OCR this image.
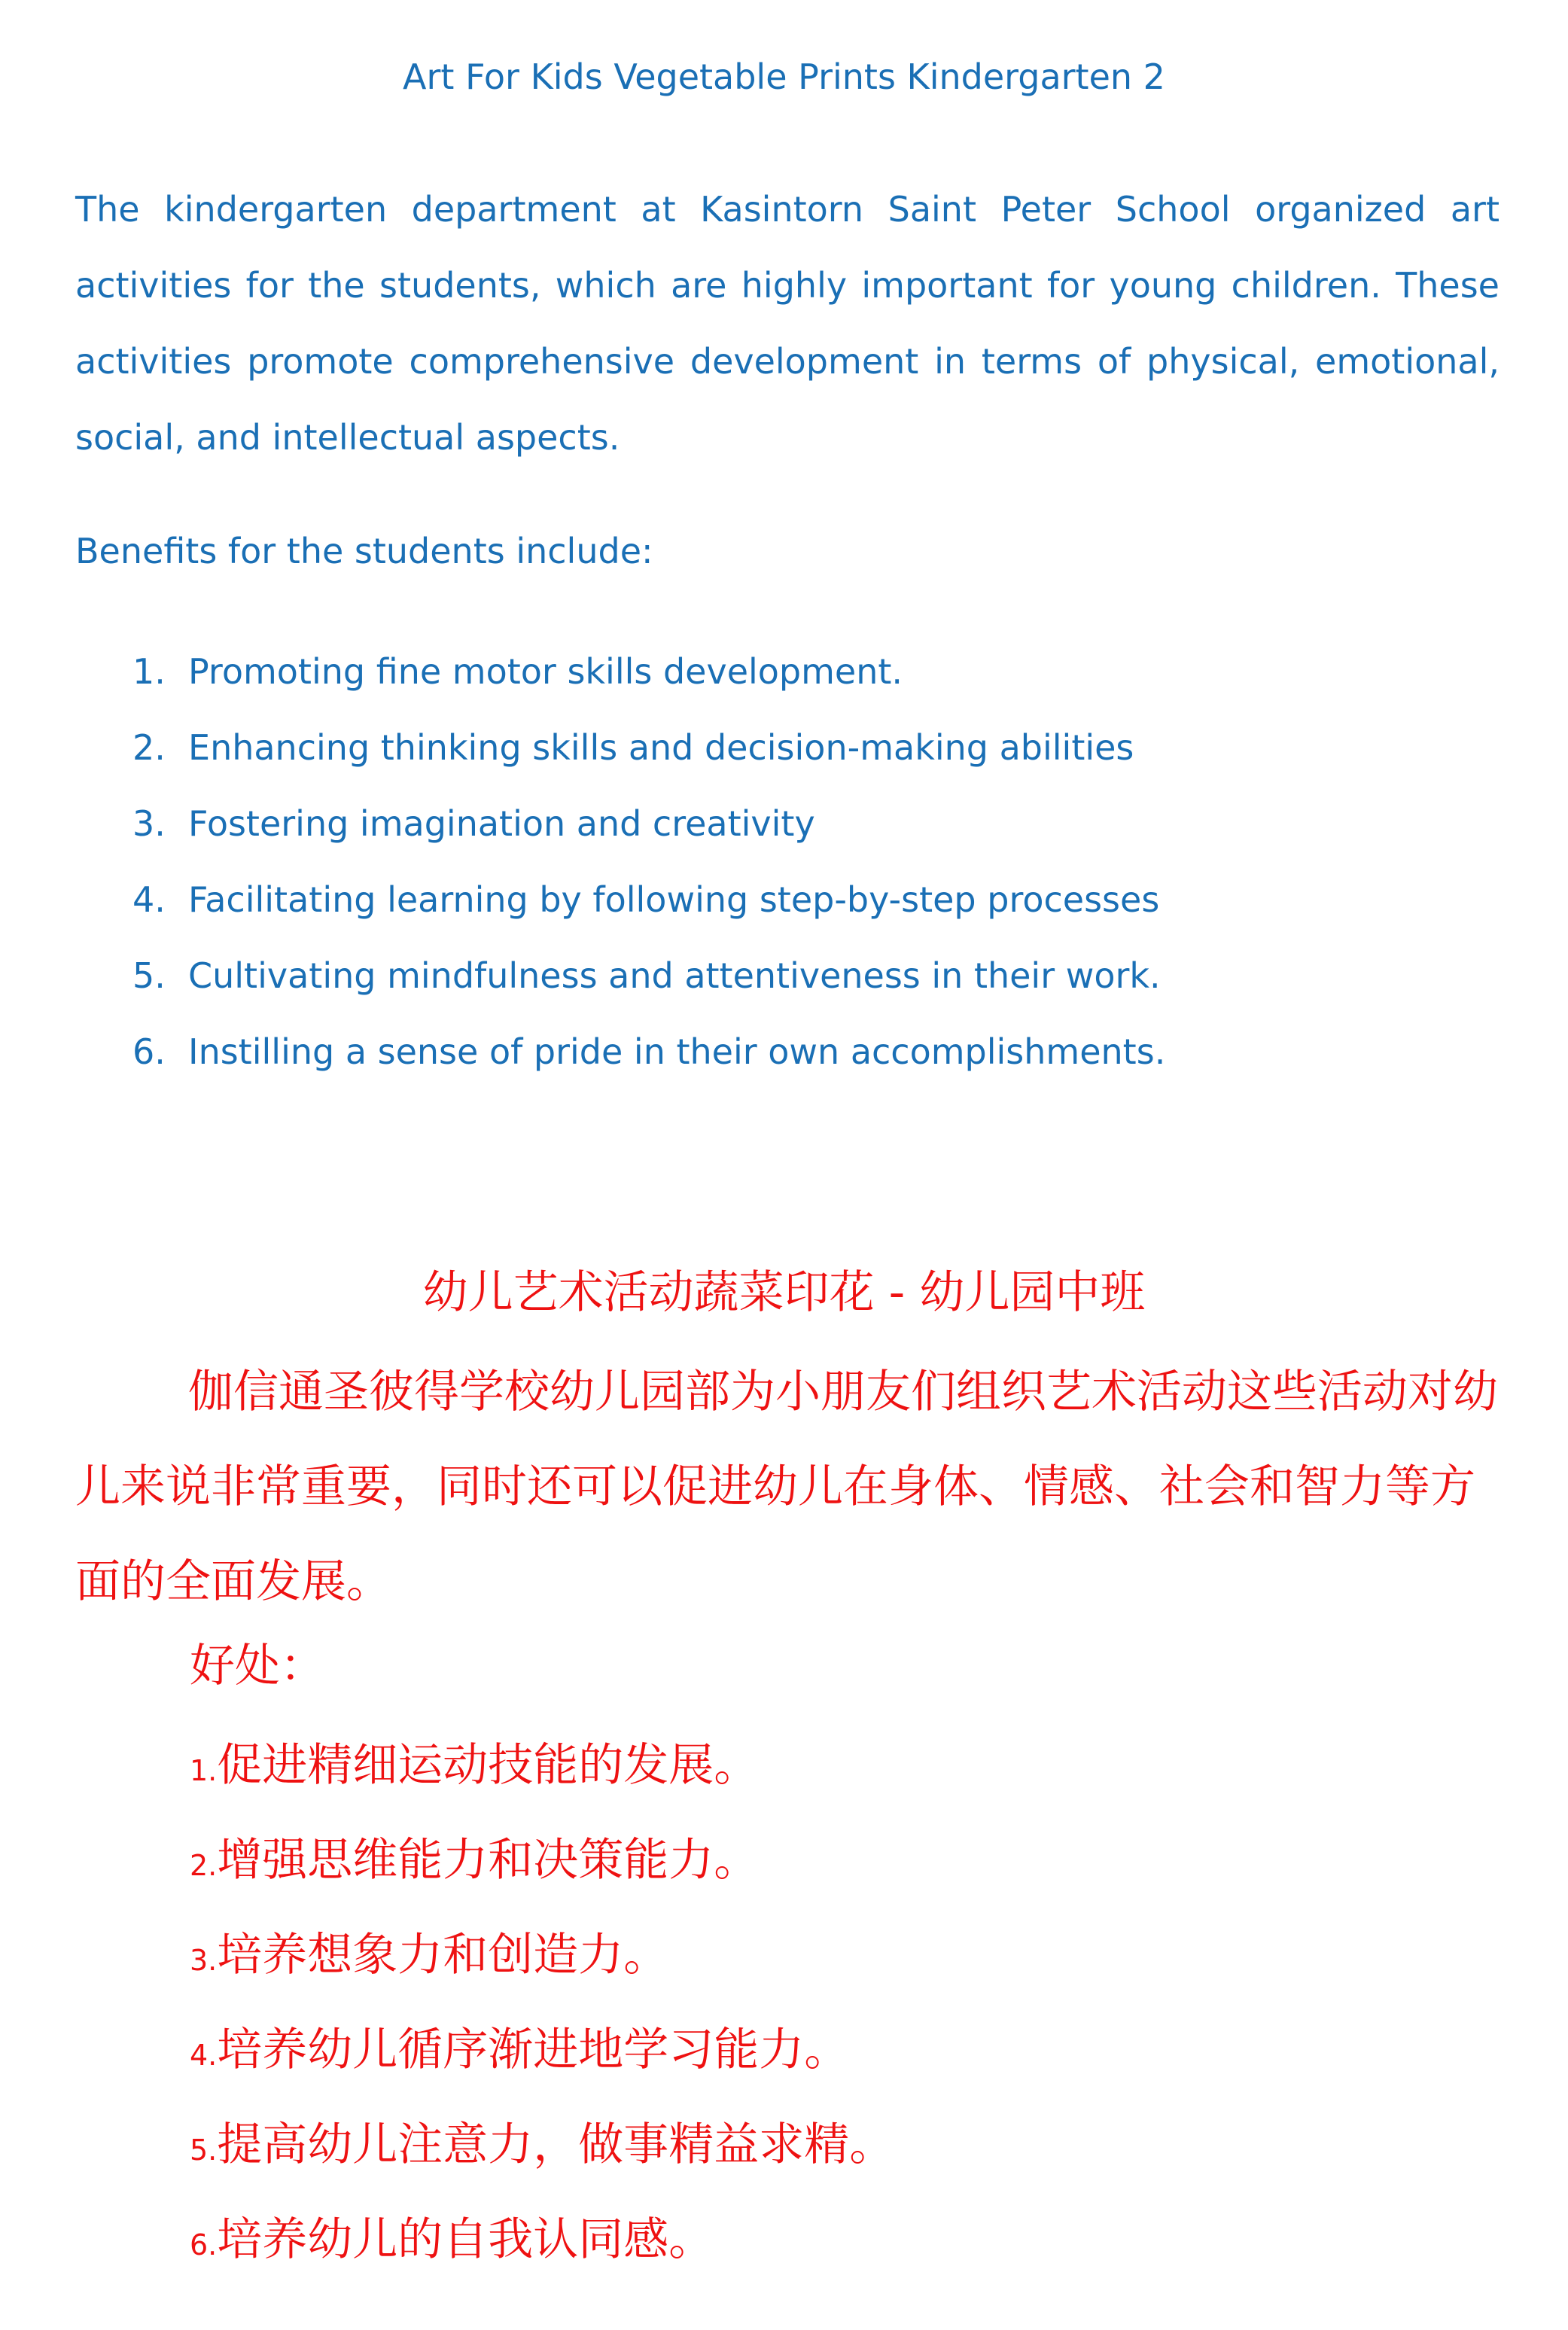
Art For Kids Vegetable Prints Kindergarten 2

The kindergarten department at Kasintorn Saint Peter School organized art activities for the students, which are highly important for young children. These activities promote comprehensive development in terms of physical, emotional, social, and intellectual aspects.

Benefits for the students include:

1. Promoting fine motor skills development.
2. Enhancing thinking skills and decision-making abilities
3. Fostering imagination and creativity
4. Facilitating learning by following step-by-step processes
5. Cultivating mindfulness and attentiveness in their work.
6. Instilling a sense of pride in their own accomplishments.
幼儿艺术活动蔬菜印花 - 幼儿园中班

伽信通圣彼得学校幼儿园部为小朋友们组织艺术活动这些活动对幼儿来说非常重要，同时还可以促进幼儿在身体、情感、社会和智力等方面的全面发展。

好处：

1.促进精细运动技能的发展。
2.增强思维能力和决策能力。
3.培养想象力和创造力。
4.培养幼儿循序渐进地学习能力。
5.提高幼儿注意力，做事精益求精。
6.培养幼儿的自我认同感。
